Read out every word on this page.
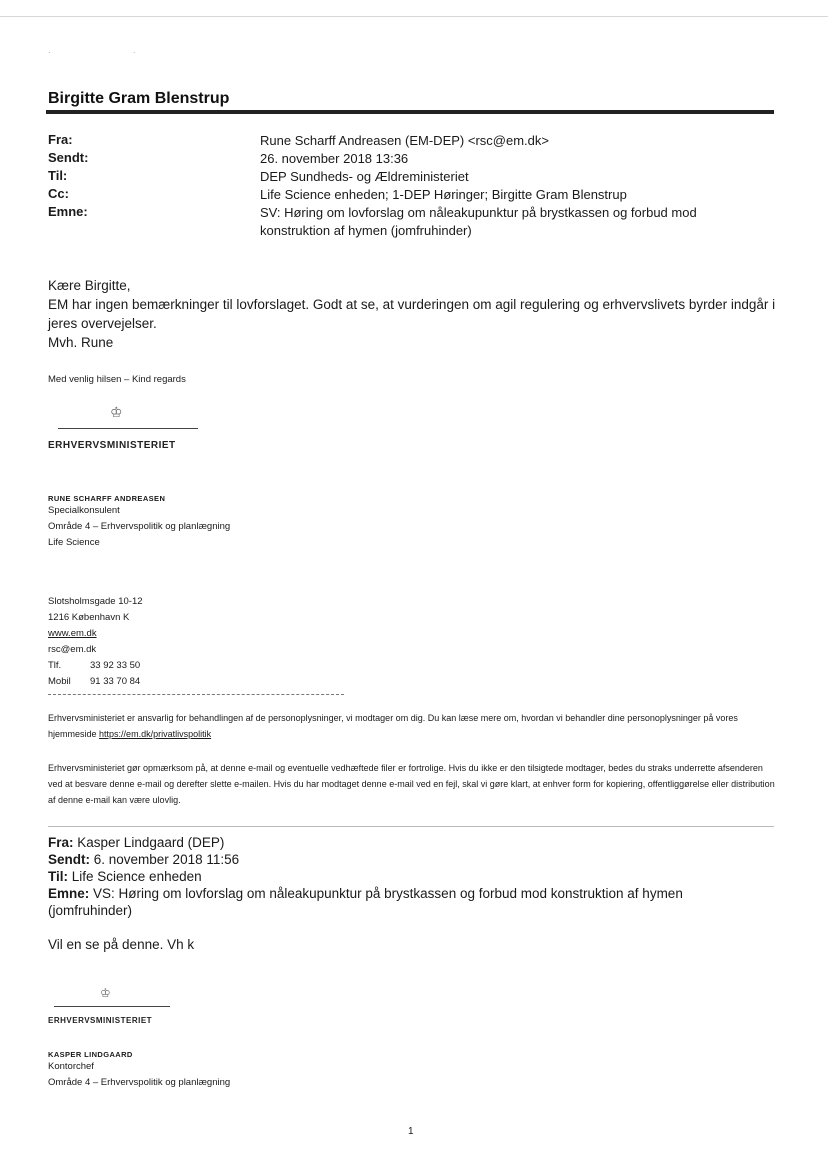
· ·
Birgitte Gram Blenstrup
Fra:	Rune Scharff Andreasen (EM-DEP) <rsc@em.dk>
Sendt:	26. november 2018 13:36
Til:	DEP Sundheds- og Ældreministeriet
Cc:	Life Science enheden; 1-DEP Høringer; Birgitte Gram Blenstrup
Emne:	SV: Høring om lovforslag om nåleakupunktur på brystkassen og forbud mod konstruktion af hymen (jomfruhinder)
Kære Birgitte,
EM har ingen bemærkninger til lovforslaget. Godt at se, at vurderingen om agil regulering og erhvervslivets byrder indgår i jeres overvejelser.
Mvh. Rune
Med venlig hilsen – Kind regards
♔
ERHVERVSMINISTERIET
RUNE SCHARFF ANDREASEN
Specialkonsulent
Område 4 – Erhvervspolitik og planlægning
Life Science
Slotsholmsgade 10-12
1216 København K
www.em.dk
rsc@em.dk
Tlf.	33 92 33 50
Mobil 91 33 70 84
Erhvervsministeriet er ansvarlig for behandlingen af de personoplysninger, vi modtager om dig. Du kan læse mere om, hvordan vi behandler dine personoplysninger på vores hjemmeside https://em.dk/privatlivspolitik
Erhvervsministeriet gør opmærksom på, at denne e-mail og eventuelle vedhæftede filer er fortrolige. Hvis du ikke er den tilsigtede modtager, bedes du straks underrette afsenderen ved at besvare denne e-mail og derefter slette e-mailen. Hvis du har modtaget denne e-mail ved en fejl, skal vi gøre klart, at enhver form for kopiering, offentliggørelse eller distribution af denne e-mail kan være ulovlig.
Fra: Kasper Lindgaard (DEP)
Sendt: 6. november 2018 11:56
Til: Life Science enheden
Emne: VS: Høring om lovforslag om nåleakupunktur på brystkassen og forbud mod konstruktion af hymen (jomfruhinder)
Vil en se på denne. Vh k
♔
ERHVERVSMINISTERIET
KASPER LINDGAARD
Kontorchef
Område 4 – Erhvervspolitik og planlægning
1
